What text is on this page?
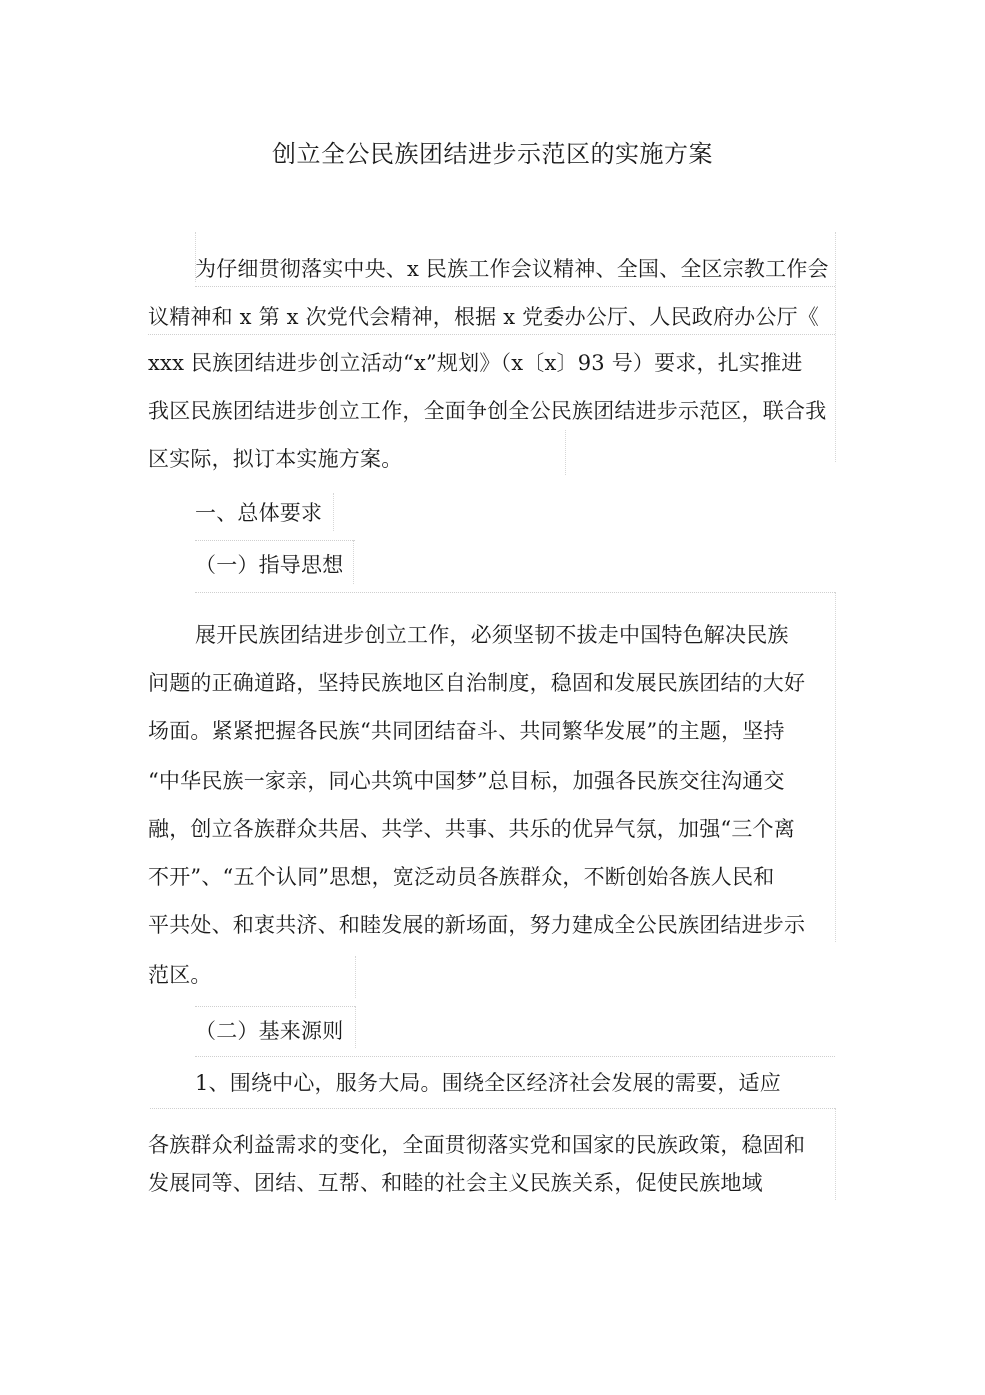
创立全公民族团结进步示范区的实施方案
为仔细贯彻落实中央、x 民族工作会议精神、全国、全区宗教工作会
议精神和 x 第 x 次党代会精神，根据 x 党委办公厅、人民政府办公厅《
xxx 民族团结进步创立活动“x”规划》（x〔x〕93 号）要求，扎实推进
我区民族团结进步创立工作，全面争创全公民族团结进步示范区，联合我
区实际，拟订本实施方案。
一、总体要求
（一）指导思想
展开民族团结进步创立工作，必须坚韧不拔走中国特色解决民族
问题的正确道路，坚持民族地区自治制度，稳固和发展民族团结的大好
场面。紧紧把握各民族“共同团结奋斗、共同繁华发展”的主题，坚持
“中华民族一家亲，同心共筑中国梦”总目标，加强各民族交往沟通交
融，创立各族群众共居、共学、共事、共乐的优异气氛，加强“三个离
不开”、“五个认同”思想，宽泛动员各族群众，不断创始各族人民和
平共处、和衷共济、和睦发展的新场面，努力建成全公民族团结进步示
范区。
（二）基来源则
1、围绕中心，服务大局。围绕全区经济社会发展的需要，适应
各族群众利益需求的变化，全面贯彻落实党和国家的民族政策，稳固和
发展同等、团结、互帮、和睦的社会主义民族关系，促使民族地域
